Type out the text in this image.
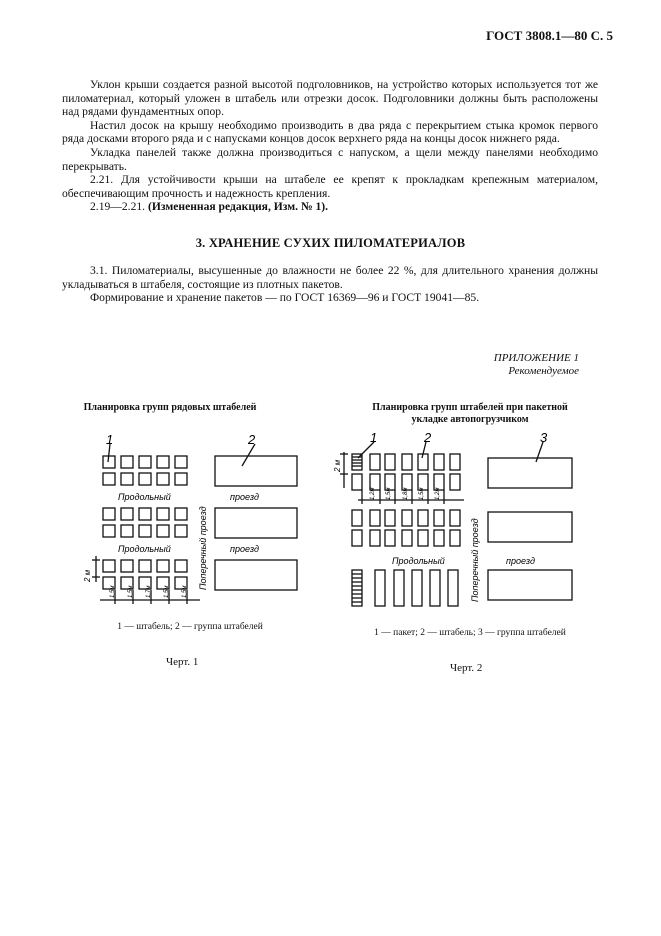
ГОСТ 3808.1—80 С. 5

Уклон крыши создается разной высотой подголовников, на устройство которых используется тот же пиломатериал, который уложен в штабель или отрезки досок. Подголовники должны быть расположены над рядами фундаментных опор.

Настил досок на крышу необходимо производить в два ряда с перекрытием стыка кромок первого ряда досками второго ряда и с напусками концов досок верхнего ряда на концы досок нижнего ряда.

Укладка панелей также должна производиться с напуском, а щели между панелями необходимо перекрывать.

2.21. Для устойчивости крыши на штабеле ее крепят к прокладкам крепежным материалом, обеспечивающим прочность и надежность крепления.

2.19—2.21. (Измененная редакция, Изм. № 1).

3. ХРАНЕНИЕ СУХИХ ПИЛОМАТЕРИАЛОВ

3.1. Пиломатериалы, высушенные до влажности не более 22 %, для длительного хранения должны укладываться в штабеля, состоящие из плотных пакетов.

Формирование и хранение пакетов — по ГОСТ 16369—96 и ГОСТ 19041—85.

ПРИЛОЖЕНИЕ 1
Рекомендуемое
Планировка групп рядовых штабелей	Планировка групп штабелей при пакетной укладке автопогрузчиком
1	2
Продольный
Продольный
проезд
проезд
Поперечный проезд
2 м
1,5м 1,5м 1,7м 1,5м 1,5м
1	2	3
Продольный	проезд
Поперечный проезд
2 м
1,2м 1,5м 1,8м 1,5м 1,2м
1 — штабель; 2 — группа штабелей
1 — пакет; 2 — штабель; 3 — группа штабелей
Черт. 1	Черт. 2
